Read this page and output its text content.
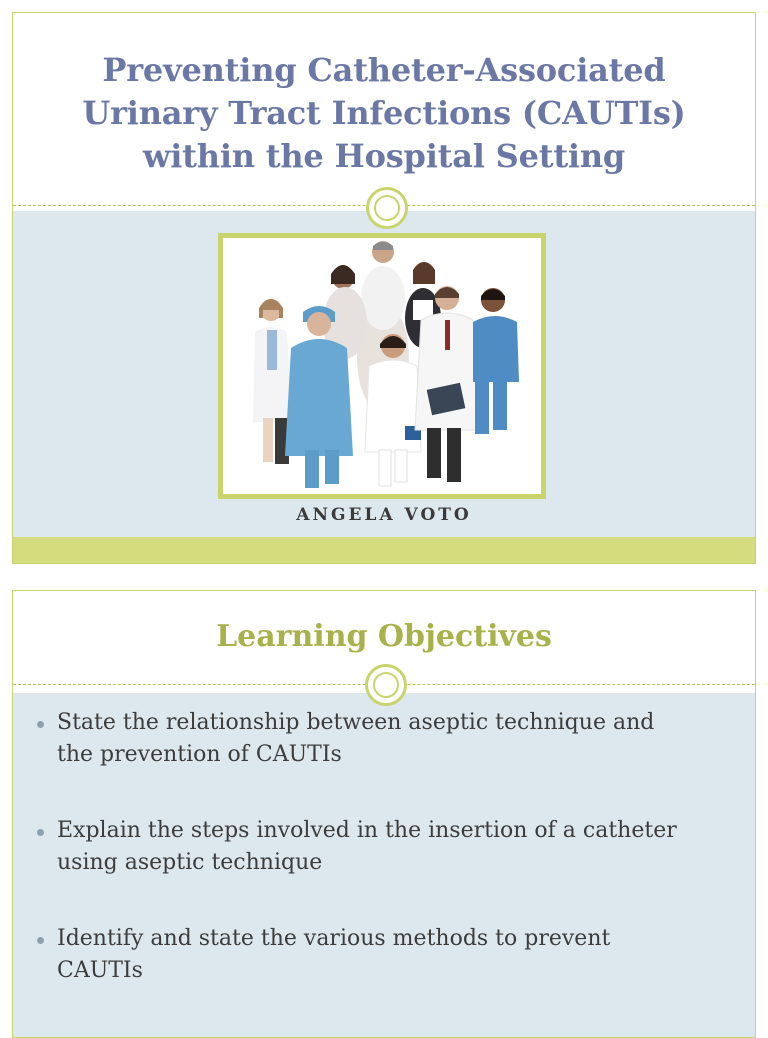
Preventing Catheter-Associated
Urinary Tract Infections (CAUTIs)
within the Hospital Setting
ANGELA VOTO
Learning Objectives
State the relationship between aseptic technique and
the prevention of CAUTIs
Explain the steps involved in the insertion of a catheter
using aseptic technique
Identify and state the various methods to prevent
CAUTIs
